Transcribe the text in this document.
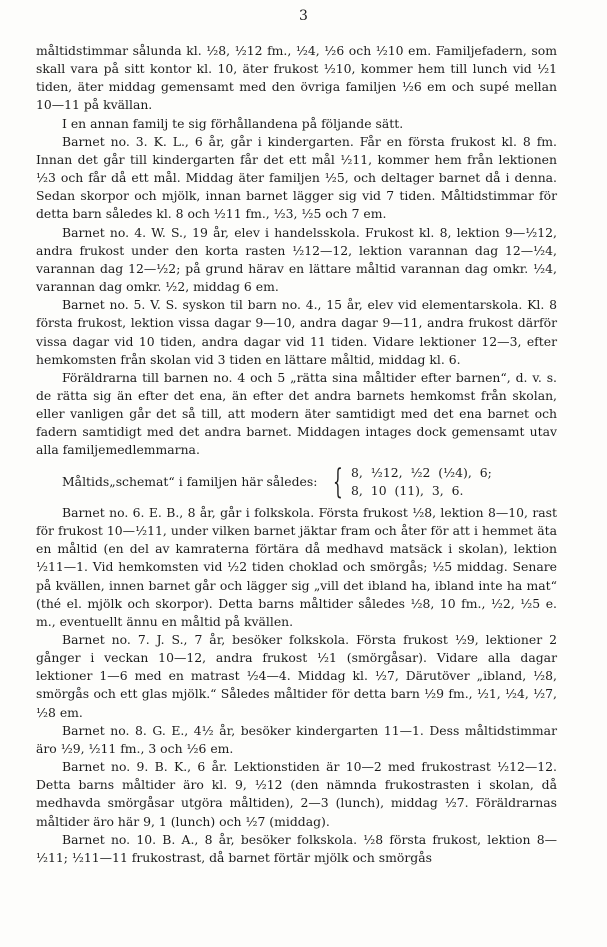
3

måltidstimmar sålunda kl. ½8, ½12 fm., ½4, ½6 och ½10 em. Familjefadern, som skall vara på sitt kontor kl. 10, äter frukost ½10, kommer hem till lunch vid ½1 tiden, äter middag gemensamt med den övriga familjen ½6 em och supé mellan 10—11 på kvällan.

I en annan familj te sig förhållandena på följande sätt.

Barnet no. 3. K. L., 6 år, går i kindergarten. Får en första frukost kl. 8 fm. Innan det går till kindergarten får det ett mål ½11, kommer hem från lektionen ½3 och får då ett mål. Middag äter familjen ½5, och deltager barnet då i denna. Sedan skorpor och mjölk, innan barnet lägger sig vid 7 tiden. Måltidstimmar för detta barn således kl. 8 och ½11 fm., ½3, ½5 och 7 em.

Barnet no. 4. W. S., 19 år, elev i handelsskola. Frukost kl. 8, lektion 9—½12, andra frukost under den korta rasten ½12—12, lektion varannan dag 12—½4, varannan dag 12—½2; på grund härav en lättare måltid varannan dag omkr. ½4, varannan dag omkr. ½2, middag 6 em.

Barnet no. 5. V. S. syskon til barn no. 4., 15 år, elev vid elementarskola. Kl. 8 första frukost, lektion vissa dagar 9—10, andra dagar 9—11, andra frukost därför vissa dagar vid 10 tiden, andra dagar vid 11 tiden. Vidare lektioner 12—3, efter hemkomsten från skolan vid 3 tiden en lättare måltid, middag kl. 6.

Föräldrarna till barnen no. 4 och 5 „rätta sina måltider efter barnen“, d. v. s. de rätta sig än efter det ena, än efter det andra barnets hemkomst från skolan, eller vanligen går det så till, att modern äter samtidigt med det ena barnet och fadern samtidigt med det andra barnet. Middagen intages dock gemensamt utav alla familjemedlemmarna.

Måltids„schemat“ i familjen här således: { 8, ½12, ½2 (½4), 6;
8, 10 (11), 3, 6.

Barnet no. 6. E. B., 8 år, går i folkskola. Första frukost ½8, lektion 8—10, rast för frukost 10—½11, under vilken barnet jäktar fram och åter för att i hemmet äta en måltid (en del av kamraterna förtära då medhavd matsäck i skolan), lektion ½11—1. Vid hemkomsten vid ½2 tiden choklad och smörgås; ½5 middag. Senare på kvällen, innen barnet går och lägger sig „vill det ibland ha, ibland inte ha mat“ (thé el. mjölk och skorpor). Detta barns måltider således ½8, 10 fm., ½2, ½5 e. m., eventuellt ännu en måltid på kvällen.

Barnet no. 7. J. S., 7 år, besöker folkskola. Första frukost ½9, lektioner 2 gånger i veckan 10—12, andra frukost ½1 (smörgåsar). Vidare alla dagar lektioner 1—6 med en matrast ½4—4. Middag kl. ½7, Därutöver „ibland, ½8, smörgås och ett glas mjölk.“ Således måltider för detta barn ½9 fm., ½1, ½4, ½7, ½8 em.

Barnet no. 8. G. E., 4½ år, besöker kindergarten 11—1. Dess måltidstimmar äro ½9, ½11 fm., 3 och ½6 em.

Barnet no. 9. B. K., 6 år. Lektionstiden är 10—2 med frukostrast ½12—12. Detta barns måltider äro kl. 9, ½12 (den nämnda frukostrasten i skolan, då medhavda smörgåsar utgöra måltiden), 2—3 (lunch), middag ½7. Föräldrarnas måltider äro här 9, 1 (lunch) och ½7 (middag).

Barnet no. 10. B. A., 8 år, besöker folkskola. ½8 första frukost, lektion 8—½11; ½11—11 frukostrast, då barnet förtär mjölk och smörgås
